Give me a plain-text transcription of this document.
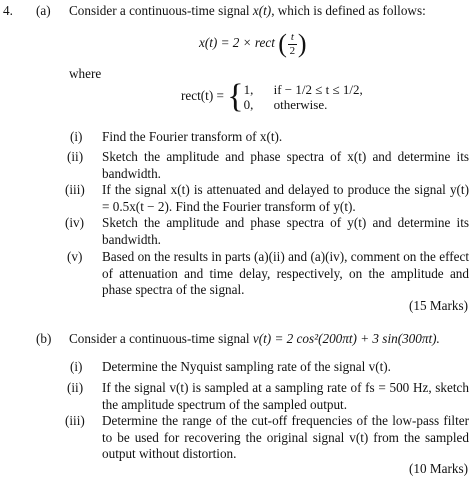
4. (a) Consider a continuous-time signal x(t), which is defined as follows:
x(t) = 2 × rect ( $\frac{t}{2}$ )
where
rect(t) = { 1, if − 1/2 ≤ t ≤ 1/2,
0, otherwise.
(i) Find the Fourier transform of x(t).
(ii) Sketch the amplitude and phase spectra of x(t) and determine its bandwidth.
(iii) If the signal x(t) is attenuated and delayed to produce the signal y(t) = 0.5x(t − 2). Find the Fourier transform of y(t).
(iv) Sketch the amplitude and phase spectra of y(t) and determine its bandwidth.
(v) Based on the results in parts (a)(ii) and (a)(iv), comment on the effect of attenuation and time delay, respectively, on the amplitude and phase spectra of the signal.
(15 Marks)
(b) Consider a continuous-time signal v(t) = 2 cos²(200πt) + 3 sin(300πt).
(i) Determine the Nyquist sampling rate of the signal v(t).
(ii) If the signal v(t) is sampled at a sampling rate of fs = 500 Hz, sketch the amplitude spectrum of the sampled output.
(iii) Determine the range of the cut-off frequencies of the low-pass filter to be used for recovering the original signal v(t) from the sampled output without distortion.
(10 Marks)
